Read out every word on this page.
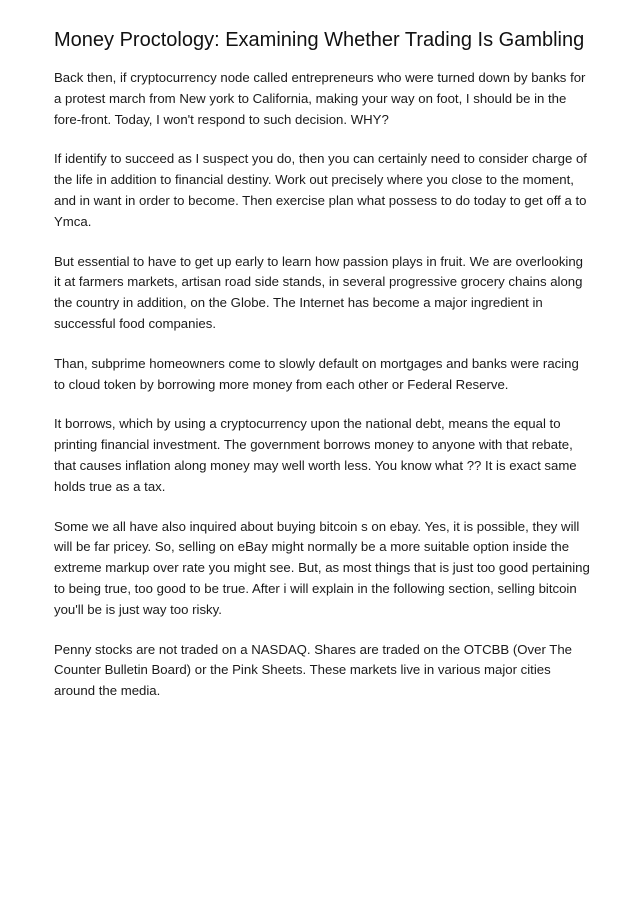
Money Proctology: Examining Whether Trading Is Gambling

Back then, if cryptocurrency node called entrepreneurs who were turned down by banks for a protest march from New york to California, making your way on foot, I should be in the fore-front. Today, I won't respond to such decision. WHY?

If identify to succeed as I suspect you do, then you can certainly need to consider charge of the life in addition to financial destiny. Work out precisely where you close to the moment, and in want in order to become. Then exercise plan what possess to do today to get off a to Ymca.

But essential to have to get up early to learn how passion plays in fruit. We are overlooking it at farmers markets, artisan road side stands, in several progressive grocery chains along the country in addition, on the Globe. The Internet has become a major ingredient in successful food companies.

Than, subprime homeowners come to slowly default on mortgages and banks were racing to cloud token by borrowing more money from each other or Federal Reserve.

It borrows, which by using a cryptocurrency upon the national debt, means the equal to printing financial investment. The government borrows money to anyone with that rebate, that causes inflation along money may well worth less. You know what ?? It is exact same holds true as a tax.

Some we all have also inquired about buying bitcoin s on ebay. Yes, it is possible, they will will be far pricey. So, selling on eBay might normally be a more suitable option inside the extreme markup over rate you might see. But, as most things that is just too good pertaining to being true, too good to be true. After i will explain in the following section, selling bitcoin you'll be is just way too risky.

Penny stocks are not traded on a NASDAQ. Shares are traded on the OTCBB (Over The Counter Bulletin Board) or the Pink Sheets. These markets live in various major cities around the media.
